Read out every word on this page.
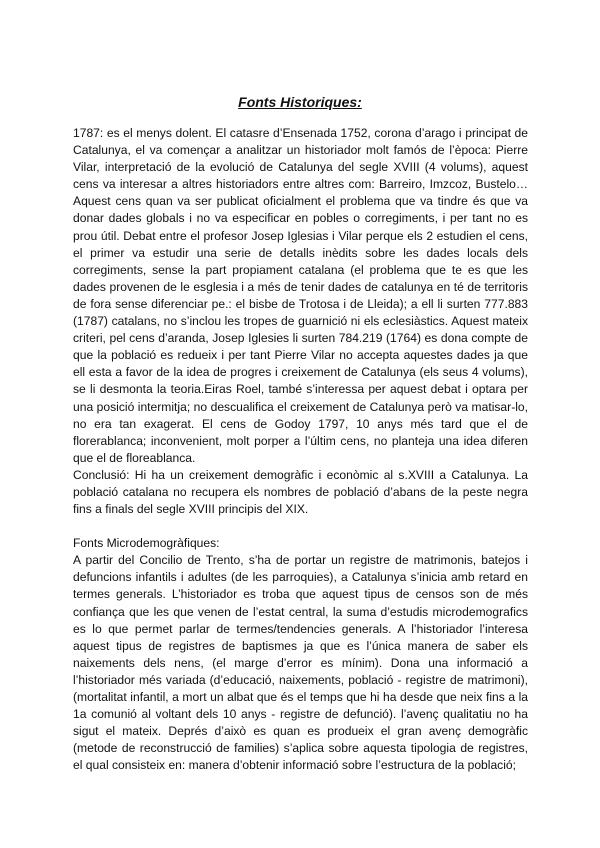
Fonts Historiques:

1787: es el menys dolent. El catasre d’Ensenada 1752, corona d’arago i principat de Catalunya, el va començar a analitzar un historiador molt famós de l’època: Pierre Vilar, interpretació de la evolució de Catalunya del segle XVIII (4 volums), aquest cens va interesar a altres historiadors entre altres com: Barreiro, Imzcoz, Bustelo… Aquest cens quan va ser publicat oficialment el problema que va tindre és que va donar dades globals i no va especificar en pobles o corregiments, i per tant no es prou útil. Debat entre el profesor Josep Iglesias i Vilar perque els 2 estudien el cens, el primer va estudir una serie de detalls inèdits sobre les dades locals dels corregiments, sense la part propiament catalana (el problema que te es que les dades provenen de le esglesia i a més de tenir dades de catalunya en té de territoris de fora sense diferenciar pe.: el bisbe de Trotosa i de Lleida); a ell li surten 777.883 (1787) catalans, no s’inclou les tropes de guarnició ni els eclesiàstics. Aquest mateix criteri, pel cens d’aranda, Josep Iglesies li surten 784.219 (1764) es dona compte de que la població es redueix i per tant Pierre Vilar no accepta aquestes dades ja que ell esta a favor de la idea de progres i creixement de Catalunya (els seus 4 volums), se li desmonta la teoria.Eiras Roel, també s’interessa per aquest debat i optara per una posició intermitja; no descualifica el creixement de Catalunya però va matisar-lo, no era tan exagerat. El cens de Godoy 1797, 10 anys més tard que el de florerablanca; inconvenient, molt porper a l’últim cens, no planteja una idea diferen que el de floreablanca.

Conclusió: Hi ha un creixement demogràfic i econòmic al s.XVIII a Catalunya. La població catalana no recupera els nombres de població d’abans de la peste negra fins a finals del segle XVIII principis del XIX.

Fonts Microdemogràfiques:

A partir del Concilio de Trento, s’ha de portar un registre de matrimonis, batejos i defuncions infantils i adultes (de les parroquies), a Catalunya s’inicia amb retard en termes generals. L’historiador es troba que aquest tipus de censos son de més confiança que les que venen de l’estat central, la suma d’estudis microdemografics es lo que permet parlar de termes/tendencies generals. A l’historiador l’interesa aquest tipus de registres de baptismes ja que es l’única manera de saber els naixements dels nens, (el marge d’error es mínim). Dona una informació a l’historiador més variada (d’educació, naixements, població - registre de matrimoni), (mortalitat infantil, a mort un albat que és el temps que hi ha desde que neix fins a la 1a comunió al voltant dels 10 anys - registre de defunció). l’avenç qualitatiu no ha sigut el mateix. Deprés d’això es quan es produeix el gran avenç demogràfic (metode de reconstrucció de families) s’aplica sobre aquesta tipologia de registres, el qual consisteix en: manera d’obtenir informació sobre l’estructura de la població;
